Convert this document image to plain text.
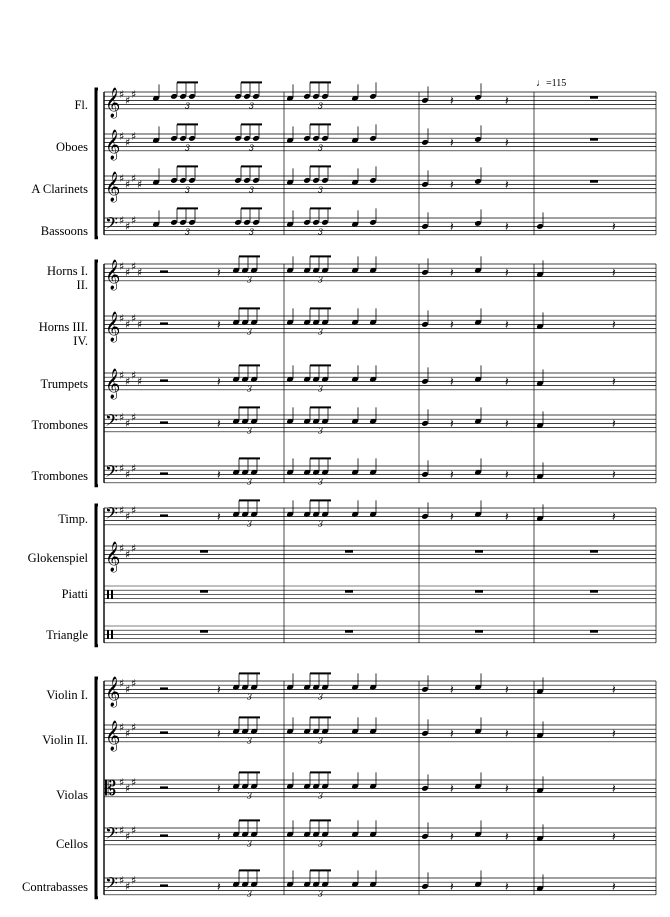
Fl.
Oboes
A Clarinets
Bassoons
Horns I.
II.
Horns III.
IV.
Trumpets
Trombones
Trombones
Timp.
Glokenspiel
Piatti
Triangle
Violin I.
Violin II.
Violas
Cellos
Contrabasses
♩=115
𝄞
♯ ♯ ♯
𝄞
♯ ♯ ♯
𝄞
♯ ♯ ♯ ♯
𝄢 ♯ ♯ ♯
𝄞
♯ ♯ ♯ ♯
𝄞
♯ ♯ ♯ ♯
𝄞
♯ ♯ ♯ ♯
𝄢 ♯ ♯ ♯
𝄢 ♯ ♯ ♯
𝄢 ♯ ♯ ♯
𝄞
♯ ♯ ♯
𝄞
♯ ♯ ♯
𝄞
♯ ♯ ♯
𝄡 ♯ ♯ ♯
𝄢 ♯ ♯ ♯
𝄢 ♯ ♯ ♯
3	3	3	𝄽	𝄽
3	3	3	𝄽	𝄽
3	3	3	𝄽	𝄽
3	3	3	𝄽	𝄽	𝄽
𝄽
3	3
𝄽	𝄽	𝄽
𝄽
3	3
𝄽	𝄽	𝄽
𝄽
3	3
𝄽	𝄽	𝄽
𝄽
3	3
𝄽	𝄽	𝄽
𝄽
3	3
𝄽	𝄽	𝄽
𝄽
3	3
𝄽	𝄽	𝄽
𝄽
3	3
𝄽	𝄽	𝄽
𝄽
3	3
𝄽	𝄽	𝄽
𝄽
3	3
𝄽	𝄽	𝄽
𝄽
3	3
𝄽	𝄽	𝄽
𝄽
3	3
𝄽	𝄽	𝄽
